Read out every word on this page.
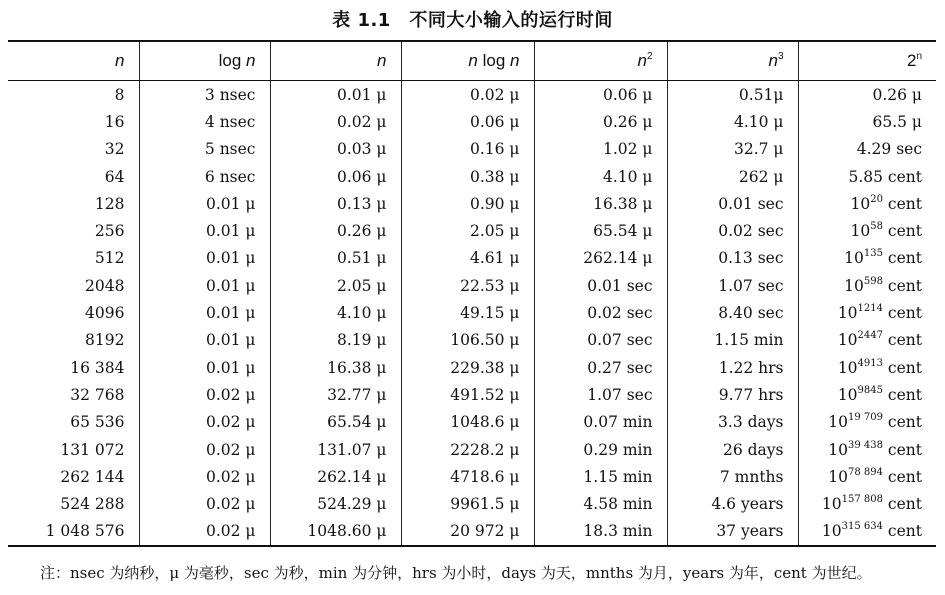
表 1.1　不同大小输入的运行时间
n	log n	n	n log n	$n^2$	$n^3$	2$^n$
8	3 nsec	0.01 μ	0.02 μ	0.06 μ	0.51μ	0.26 μ
16	4 nsec	0.02 μ	0.06 μ	0.26 μ	4.10 μ	65.5 μ
32	5 nsec	0.03 μ	0.16 μ	1.02 μ	32.7 μ	4.29 sec
64	6 nsec	0.06 μ	0.38 μ	4.10 μ	262 μ	5.85 cent
128	0.01 μ	0.13 μ	0.90 μ	16.38 μ	0.01 sec	$10^{20}$ cent
256	0.01 μ	0.26 μ	2.05 μ	65.54 μ	0.02 sec	$10^{58}$ cent
512	0.01 μ	0.51 μ	4.61 μ	262.14 μ	0.13 sec	$10^{135}$ cent
2048	0.01 μ	2.05 μ	22.53 μ	0.01 sec	1.07 sec	$10^{598}$ cent
4096	0.01 μ	4.10 μ	49.15 μ	0.02 sec	8.40 sec	$10^{1214}$ cent
8192	0.01 μ	8.19 μ	106.50 μ	0.07 sec	1.15 min	$10^{2447}$ cent
16 384	0.01 μ	16.38 μ	229.38 μ	0.27 sec	1.22 hrs	$10^{4913}$ cent
32 768	0.02 μ	32.77 μ	491.52 μ	1.07 sec	9.77 hrs	$10^{9845}$ cent
65 536	0.02 μ	65.54 μ	1048.6 μ	0.07 min	3.3 days	$10^{19 709}$ cent
131 072	0.02 μ	131.07 μ	2228.2 μ	0.29 min	26 days	$10^{39 438}$ cent
262 144	0.02 μ	262.14 μ	4718.6 μ	1.15 min	7 mnths	$10^{78 894}$ cent
524 288	0.02 μ	524.29 μ	9961.5 μ	4.58 min	4.6 years	$10^{157 808}$ cent
1 048 576	0.02 μ	1048.60 μ	20 972 μ	18.3 min	37 years	$10^{315 634}$ cent
注：nsec 为纳秒，μ 为毫秒，sec 为秒，min 为分钟，hrs 为小时，days 为天，mnths 为月，years 为年，cent 为世纪。
